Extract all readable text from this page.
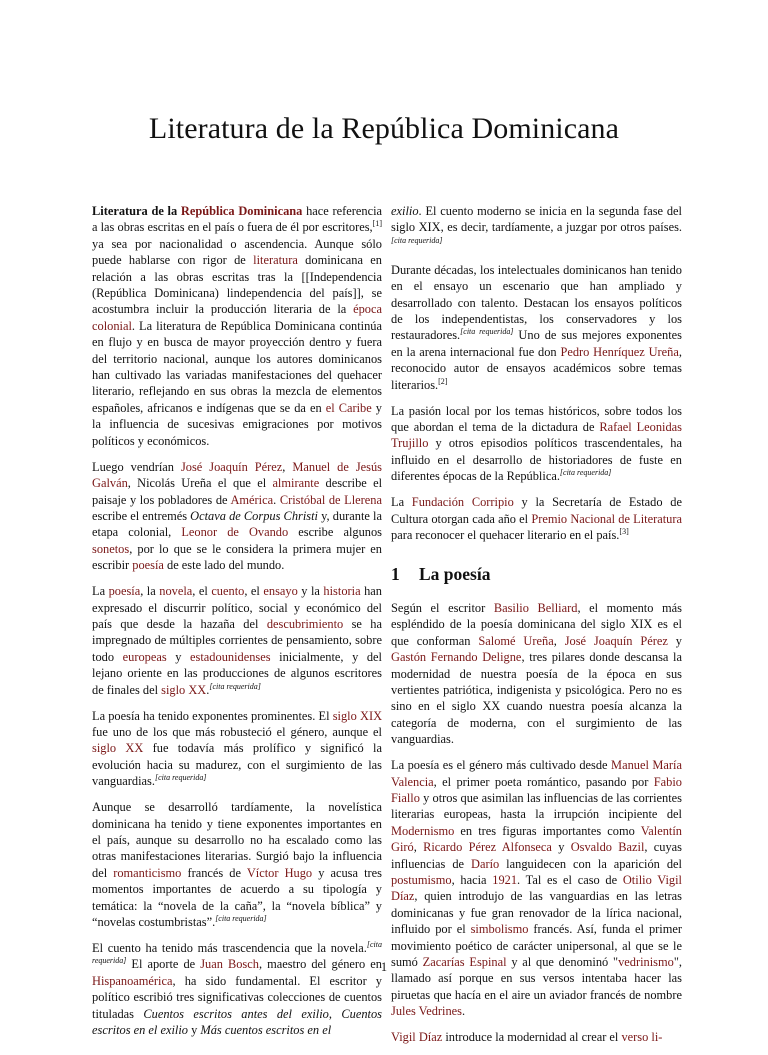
Literatura de la República Dominicana

Literatura de la República Dominicana hace referencia a las obras escritas en el país o fuera de él por escritores,[1] ya sea por nacionalidad o ascendencia. Aunque sólo puede hablarse con rigor de literatura dominicana en relación a las obras escritas tras la [[Independencia (República Dominicana) lindependencia del país]], se acostumbra incluir la producción literaria de la época colonial. La literatura de República Dominicana continúa en flujo y en busca de mayor proyección dentro y fuera del territorio nacional, aunque los autores dominicanos han cultivado las variadas manifestaciones del quehacer literario, reflejando en sus obras la mezcla de elementos españoles, africanos e indígenas que se da en el Caribe y la influencia de sucesivas emigraciones por motivos políticos y económicos.

Luego vendrían José Joaquín Pérez, Manuel de Jesús Galván, Nicolás Ureña el que el almirante describe el paisaje y los pobladores de América. Cristóbal de Llerena escribe el entremés Octava de Corpus Christi y, durante la etapa colonial, Leonor de Ovando escribe algunos sonetos, por lo que se le considera la primera mujer en escribir poesía de este lado del mundo.

La poesía, la novela, el cuento, el ensayo y la historia han expresado el discurrir político, social y económico del país que desde la hazaña del descubrimiento se ha impregnado de múltiples corrientes de pensamiento, sobre todo europeas y estadounidenses inicialmente, y del lejano oriente en las producciones de algunos escritores de finales del siglo XX.[cita requerida]

La poesía ha tenido exponentes prominentes. El siglo XIX fue uno de los que más robusteció el género, aunque el siglo XX fue todavía más prolífico y significó la evolución hacia su madurez, con el surgimiento de las vanguardias.[cita requerida]

Aunque se desarrolló tardíamente, la novelística dominicana ha tenido y tiene exponentes importantes en el país, aunque su desarrollo no ha escalado como las otras manifestaciones literarias. Surgió bajo la influencia del romanticismo francés de Víctor Hugo y acusa tres momentos importantes de acuerdo a su tipología y temática: la “novela de la caña”, la “novela bíblica” y “novelas costumbristas”.[cita requerida]

El cuento ha tenido más trascendencia que la novela.[cita requerida] El aporte de Juan Bosch, maestro del género en Hispanoamérica, ha sido fundamental. El escritor y político escribió tres significativas colecciones de cuentos tituladas Cuentos escritos antes del exilio, Cuentos escritos en el exilio y Más cuentos escritos en el

exilio. El cuento moderno se inicia en la segunda fase del siglo XIX, es decir, tardíamente, a juzgar por otros países.[cita requerida]

Durante décadas, los intelectuales dominicanos han tenido en el ensayo un escenario que han ampliado y desarrollado con talento. Destacan los ensayos políticos de los independentistas, los conservadores y los restauradores.[cita requerida] Uno de sus mejores exponentes en la arena internacional fue don Pedro Henríquez Ureña, reconocido autor de ensayos académicos sobre temas literarios.[2]

La pasión local por los temas históricos, sobre todos los que abordan el tema de la dictadura de Rafael Leonidas Trujillo y otros episodios políticos trascendentales, ha influido en el desarrollo de historiadores de fuste en diferentes épocas de la República.[cita requerida]

La Fundación Corripio y la Secretaría de Estado de Cultura otorgan cada año el Premio Nacional de Literatura para reconocer el quehacer literario en el país.[3]

1 La poesía

Según el escritor Basilio Belliard, el momento más espléndido de la poesía dominicana del siglo XIX es el que conforman Salomé Ureña, José Joaquín Pérez y Gastón Fernando Deligne, tres pilares donde descansa la modernidad de nuestra poesía de la época en sus vertientes patriótica, indigenista y psicológica. Pero no es sino en el siglo XX cuando nuestra poesía alcanza la categoría de moderna, con el surgimiento de las vanguardias.

La poesía es el género más cultivado desde Manuel María Valencia, el primer poeta romántico, pasando por Fabio Fiallo y otros que asimilan las influencias de las corrientes literarias europeas, hasta la irrupción incipiente del Modernismo en tres figuras importantes como Valentín Giró, Ricardo Pérez Alfonseca y Osvaldo Bazil, cuyas influencias de Darío languidecen con la aparición del postumismo, hacia 1921. Tal es el caso de Otilio Vigil Díaz, quien introdujo de las vanguardias en las letras dominicanas y fue gran renovador de la lírica nacional, influido por el simbolismo francés. Así, funda el primer movimiento poético de carácter unipersonal, al que se le sumó Zacarías Espinal y al que denominó "vedrinismo", llamado así porque en sus versos intentaba hacer las piruetas que hacía en el aire un aviador francés de nombre Jules Vedrines.

Vigil Díaz introduce la modernidad al crear el verso li-

1
